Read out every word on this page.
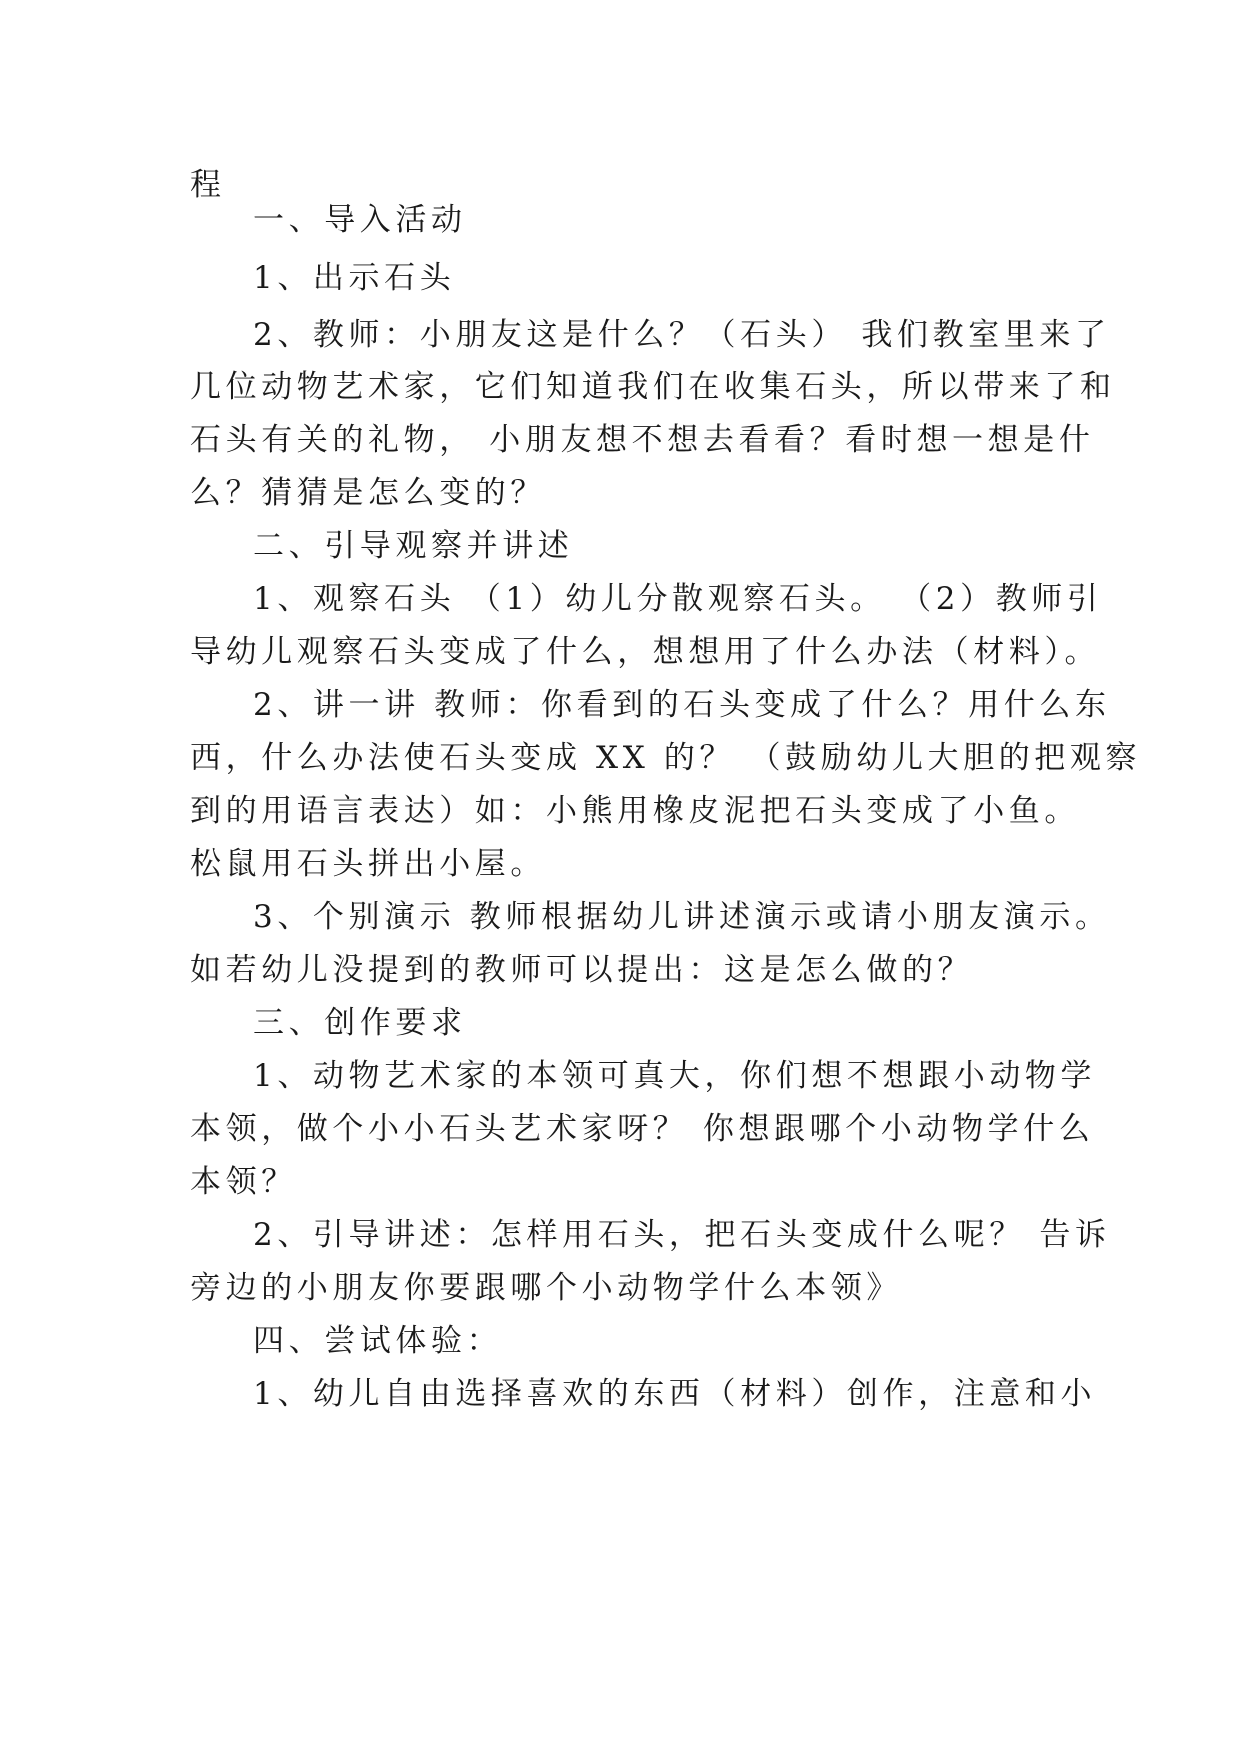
程
一、导入活动
1、出示石头
2、教师：小朋友这是什么？（石头） 我们教室里来了
几位动物艺术家，它们知道我们在收集石头，所以带来了和
石头有关的礼物， 小朋友想不想去看看？看时想一想是什
么？猜猜是怎么变的？
二、引导观察并讲述
1、观察石头 （1）幼儿分散观察石头。 （2）教师引
导幼儿观察石头变成了什么，想想用了什么办法（材料）。
2、讲一讲 教师：你看到的石头变成了什么？用什么东
西，什么办法使石头变成 XX 的？ （鼓励幼儿大胆的把观察
到的用语言表达）如：小熊用橡皮泥把石头变成了小鱼。
松鼠用石头拼出小屋。
3、个别演示 教师根据幼儿讲述演示或请小朋友演示。
如若幼儿没提到的教师可以提出：这是怎么做的？
三、创作要求
1、动物艺术家的本领可真大，你们想不想跟小动物学
本领，做个小小石头艺术家呀？ 你想跟哪个小动物学什么
本领？
2、引导讲述：怎样用石头，把石头变成什么呢？ 告诉
旁边的小朋友你要跟哪个小动物学什么本领》
四、尝试体验：
1、幼儿自由选择喜欢的东西（材料）创作，注意和小
